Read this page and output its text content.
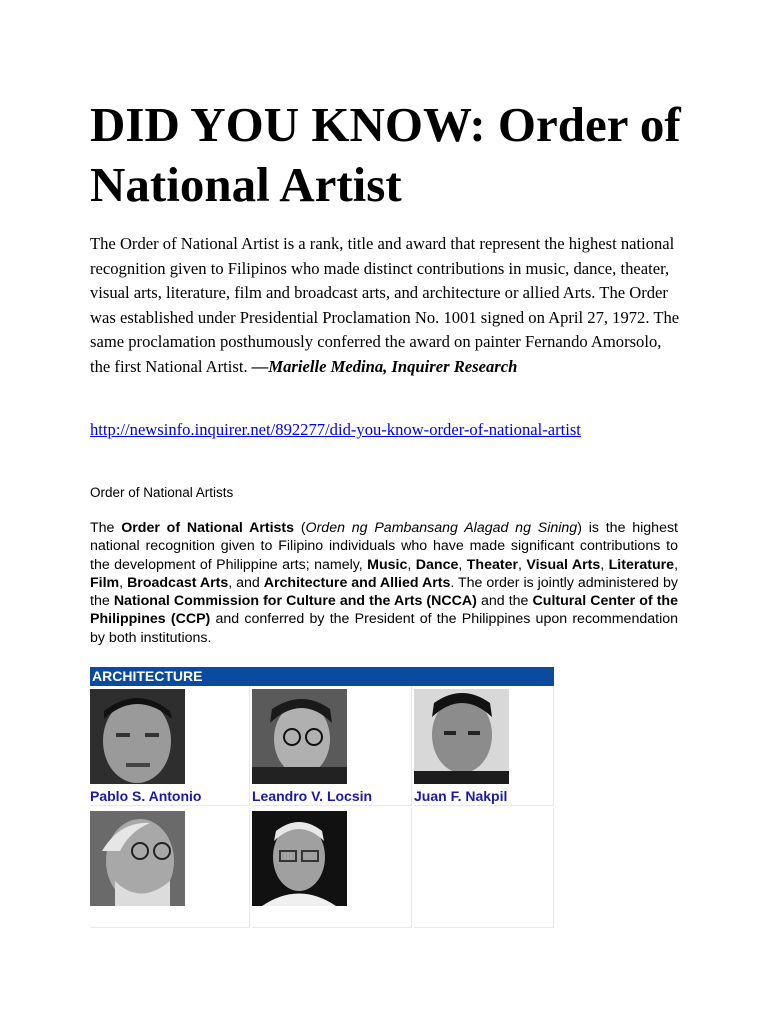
DID YOU KNOW: Order of National Artist

The Order of National Artist is a rank, title and award that represent the highest national recognition given to Filipinos who made distinct contributions in music, dance, theater, visual arts, literature, film and broadcast arts, and architecture or allied Arts. The Order was established under Presidential Proclamation No. 1001 signed on April 27, 1972. The same proclamation posthumously conferred the award on painter Fernando Amorsolo, the first National Artist. —Marielle Medina, Inquirer Research

http://newsinfo.inquirer.net/892277/did-you-know-order-of-national-artist
Order of National Artists

The Order of National Artists (Orden ng Pambansang Alagad ng Sining) is the highest national recognition given to Filipino individuals who have made significant contributions to the development of Philippine arts; namely, Music, Dance, Theater, Visual Arts, Literature, Film, Broadcast Arts, and Architecture and Allied Arts. The order is jointly administered by the National Commission for Culture and the Arts (NCCA) and the Cultural Center of the Philippines (CCP) and conferred by the President of the Philippines upon recommendation by both institutions.

ARCHITECTURE
Pablo S. Antonio	Leandro V. Locsin	Juan F. Nakpil
